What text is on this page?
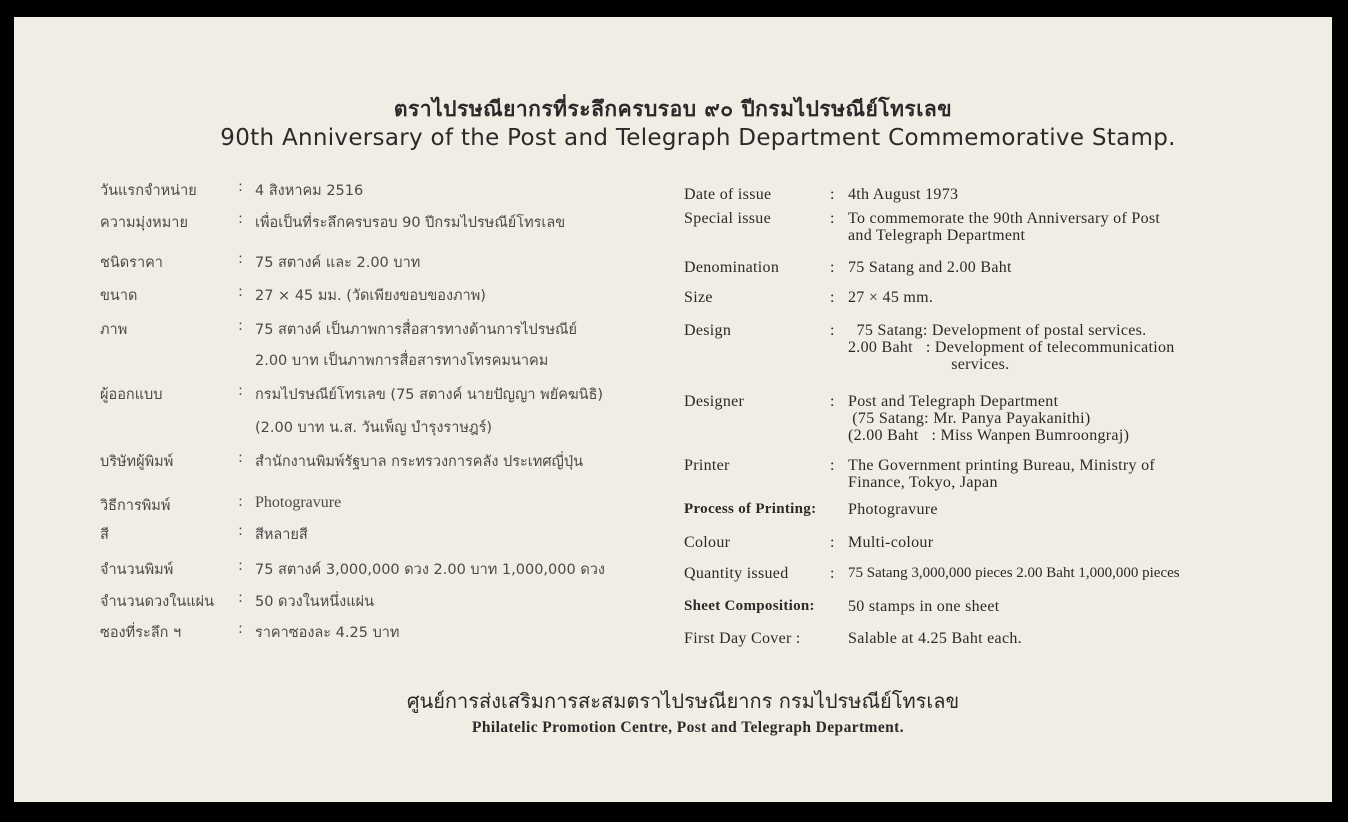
ตราไปรษณียากรที่ระลึกครบรอบ ๙๐ ปีกรมไปรษณีย์โทรเลข
90th Anniversary of the Post and Telegraph Department Commemorative Stamp.
วันแรกจำหน่าย	: 4 สิงหาคม 2516
ความมุ่งหมาย	: เพื่อเป็นที่ระลึกครบรอบ 90 ปีกรมไปรษณีย์โทรเลข
ชนิดราคา	: 75 สตางค์ และ 2.00 บาท
ขนาด	: 27 × 45 มม. (วัดเพียงขอบของภาพ)
ภาพ	: 75 สตางค์ เป็นภาพการสื่อสารทางด้านการไปรษณีย์
2.00 บาท เป็นภาพการสื่อสารทางโทรคมนาคม
ผู้ออกแบบ	: กรมไปรษณีย์โทรเลข (75 สตางค์ นายปัญญา พยัคฆนิธิ)
(2.00 บาท น.ส. วันเพ็ญ บำรุงราษฎร์)
บริษัทผู้พิมพ์	: สำนักงานพิมพ์รัฐบาล กระทรวงการคลัง ประเทศญี่ปุ่น
วิธีการพิมพ์	: Photogravure
สี	: สีหลายสี
จำนวนพิมพ์	: 75 สตางค์ 3,000,000 ดวง 2.00 บาท 1,000,000 ดวง
จำนวนดวงในแผ่น : 50 ดวงในหนึ่งแผ่น
ซองที่ระลึก ฯ	: ราคาซองละ 4.25 บาท
Date of issue	: 4th August 1973
Special issue	: To commemorate the 90th Anniversary of Post
and Telegraph Department
Denomination	: 75 Satang and 2.00 Baht
Size	: 27 × 45 mm.
Design	: 75 Satang: Development of postal services.
2.00 Baht   : Development of telecommunication
services.
Designer	: Post and Telegraph Department
(75 Satang: Mr. Panya Payakanithi)
(2.00 Baht   : Miss Wanpen Bumroongraj)
Printer	: The Government printing Bureau, Ministry of
Finance, Tokyo, Japan
Process of Printing: Photogravure
Colour	: Multi-colour
Quantity issued	: 75 Satang 3,000,000 pieces 2.00 Baht 1,000,000 pieces
Sheet Composition: 50 stamps in one sheet
First Day Cover :	Salable at 4.25 Baht each.
ศูนย์การส่งเสริมการสะสมตราไปรษณียากร กรมไปรษณีย์โทรเลข
Philatelic Promotion Centre, Post and Telegraph Department.
